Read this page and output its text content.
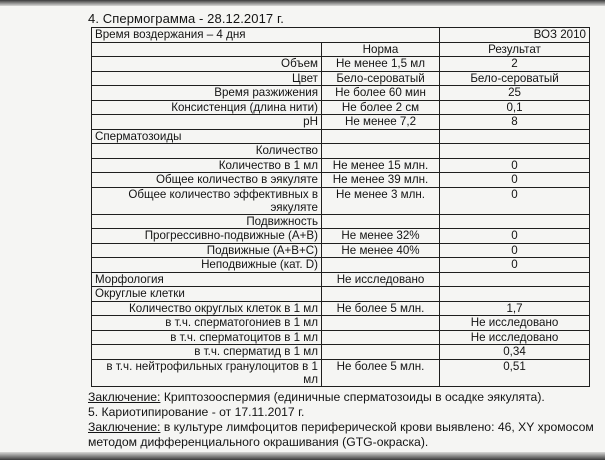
4. Спермограмма - 28.12.2017 г.
Время воздержания – 4 дня		ВОЗ 2010
	Норма	Результат
Объем	Не менее 1,5 мл	2
Цвет	Бело-сероватый	Бело-сероватый
Время разжижения	Не более 60 мин	25
Консистенция (длина нити)	Не более 2 см	0,1
pH	Не менее 7,2	8
Сперматозоиды		
Количество		
Количество в 1 мл	Не менее 15 млн.	0
Общее количество в эякуляте	Не менее 39 млн.	0
Общее количество эффективных в эякуляте	Не менее 3 млн.	0
Подвижность		
Прогрессивно-подвижные (A+B)	Не менее 32%	0
Подвижные (A+B+C)	Не менее 40%	0
Неподвижные (кат. D)		0
Морфология	Не исследовано	
Округлые клетки		
Количество округлых клеток в 1 мл	Не более 5 млн.	1,7
в т.ч. сперматогониев в 1 мл		Не исследовано
в т.ч. сперматоцитов в 1 мл		Не исследовано
в т.ч. сперматид в 1 мл		0,34
в т.ч. нейтрофильных гранулоцитов в 1 мл	Не более 5 млн.	0,51
Заключение: Криптозооспермия (единичные сперматозоиды в осадке эякулята).
5. Кариотипирование - от 17.11.2017 г.
Заключение: в культуре лимфоцитов периферической крови выявлено: 46, XY хромосом методом дифференциального окрашивания (GTG-окраска).
